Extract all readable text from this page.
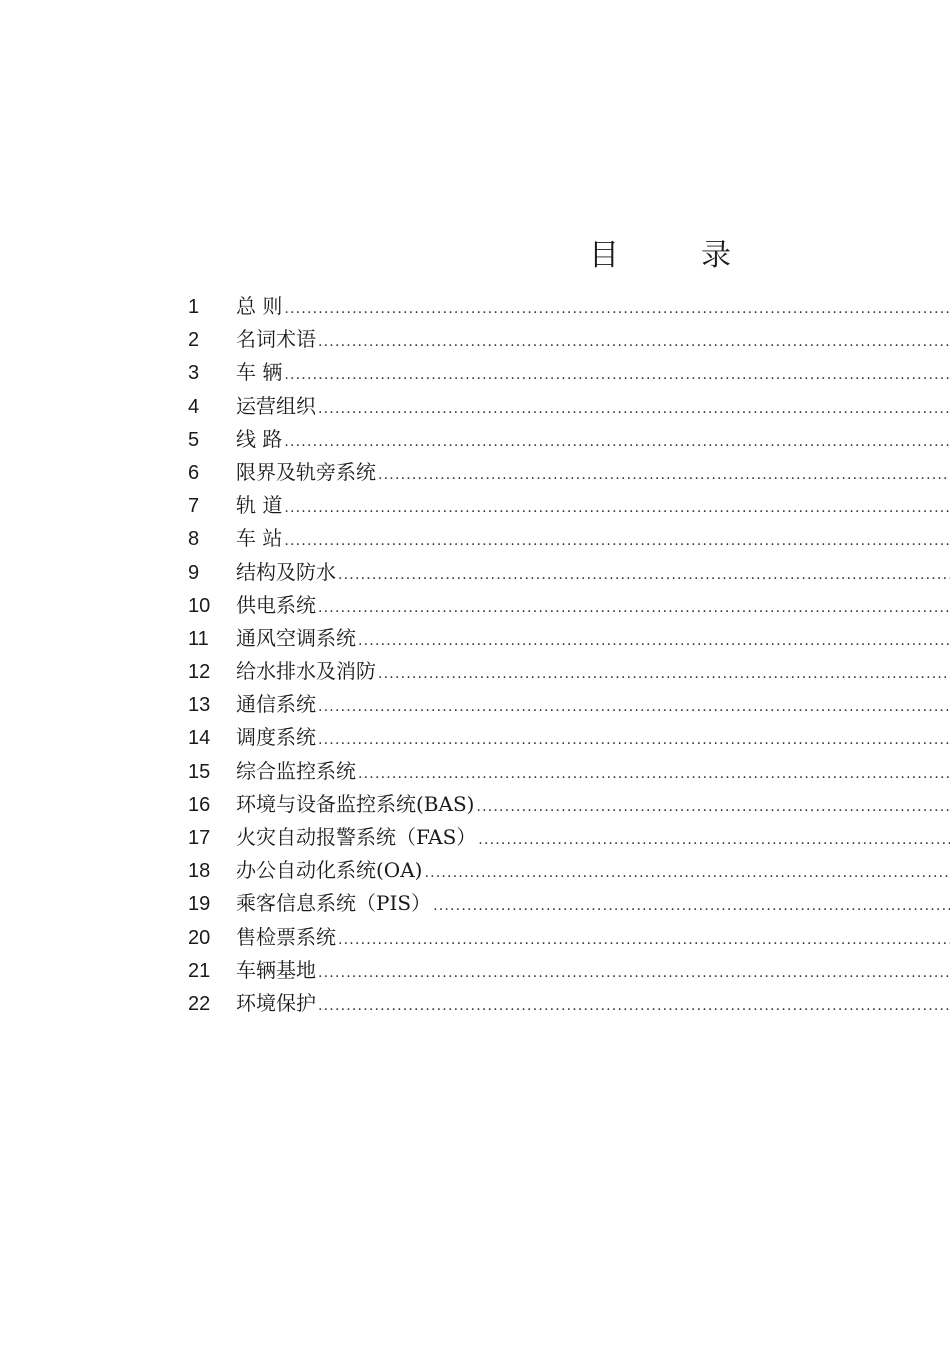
目　录
1	总 则
.....
2	名词术语
.....
3	车 辆
.....
4	运营组织
.....
5	线 路
.....
6	限界及轨旁系统
.....
7	轨 道
.....
8	车 站
.....
9	结构及防水
.....
10	供电系统
.....
11	通风空调系统
.....
12	给水排水及消防
.....
13	通信系统
.....
14	调度系统
.....
15	综合监控系统
.....
16	环境与设备监控系统(BAS)
.....
17	火灾自动报警系统（FAS）
.....
18	办公自动化系统(OA)
.....
19	乘客信息系统（PIS）
.....
20	售检票系统
.....
21	车辆基地
.....
22	环境保护
.....
